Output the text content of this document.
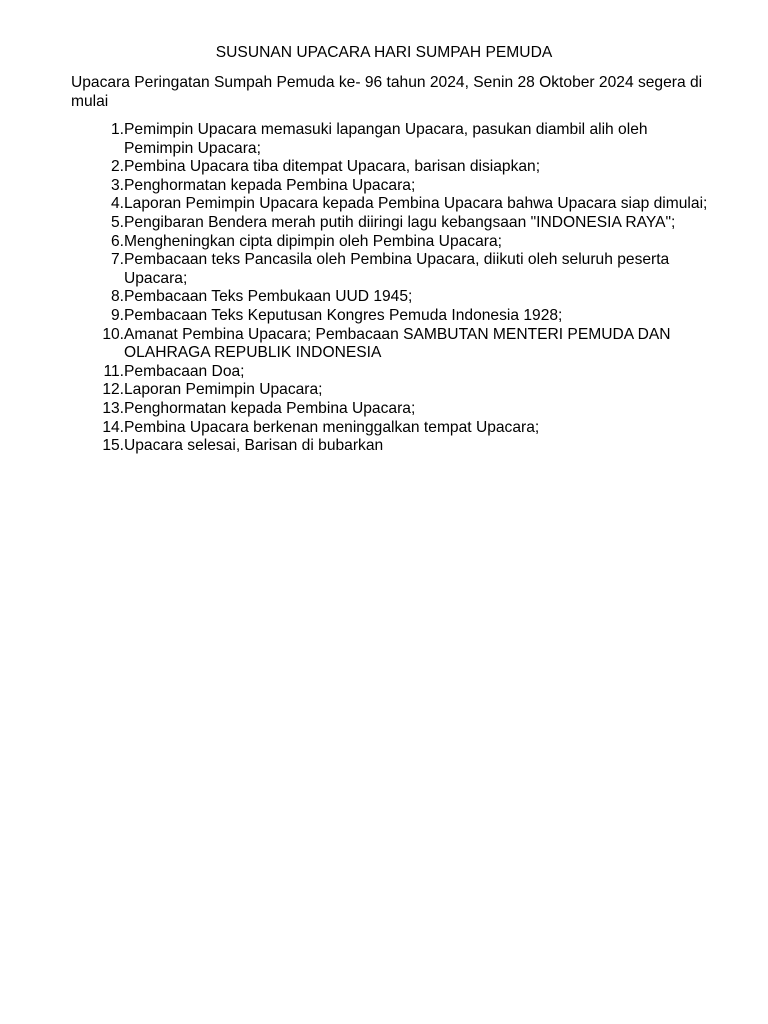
SUSUNAN UPACARA HARI SUMPAH PEMUDA

Upacara Peringatan Sumpah Pemuda ke- 96 tahun 2024, Senin 28 Oktober 2024 segera di mulai

1. Pemimpin Upacara memasuki lapangan Upacara, pasukan diambil alih oleh Pemimpin Upacara;
2. Pembina Upacara tiba ditempat Upacara, barisan disiapkan;
3. Penghormatan kepada Pembina Upacara;
4. Laporan Pemimpin Upacara kepada Pembina Upacara bahwa Upacara siap dimulai;
5. Pengibaran Bendera merah putih diiringi lagu kebangsaan "INDONESIA RAYA";
6. Mengheningkan cipta dipimpin oleh Pembina Upacara;
7. Pembacaan teks Pancasila oleh Pembina Upacara, diikuti oleh seluruh peserta Upacara;
8. Pembacaan Teks Pembukaan UUD 1945;
9. Pembacaan Teks Keputusan Kongres Pemuda Indonesia 1928;
10. Amanat Pembina Upacara; Pembacaan SAMBUTAN MENTERI PEMUDA DAN OLAHRAGA REPUBLIK INDONESIA
11. Pembacaan Doa;
12. Laporan Pemimpin Upacara;
13. Penghormatan kepada Pembina Upacara;
14. Pembina Upacara berkenan meninggalkan tempat Upacara;
15. Upacara selesai, Barisan di bubarkan
